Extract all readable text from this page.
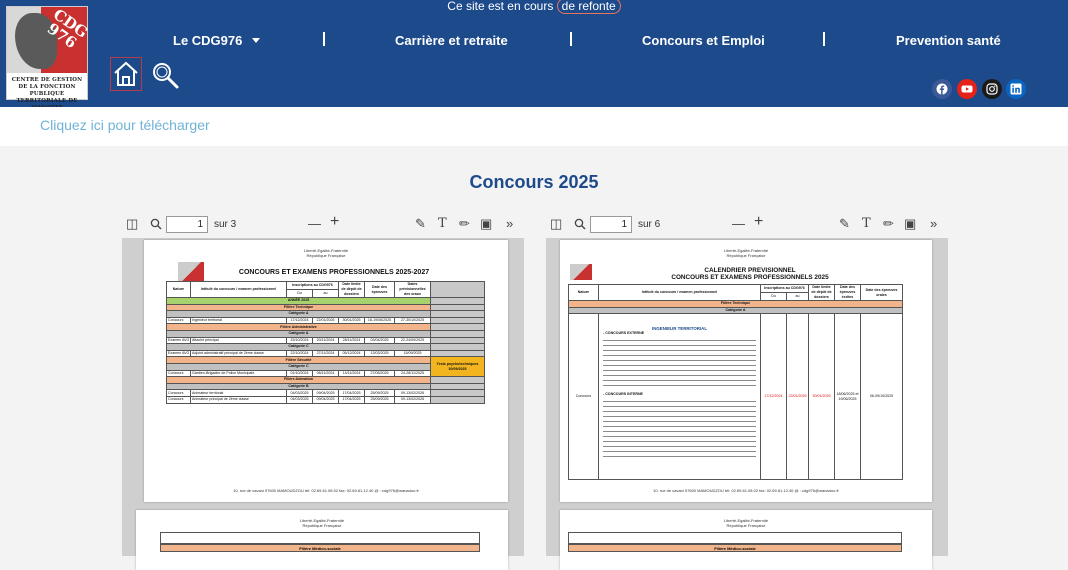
Ce site est en cours de refonte
CDG 976
CENTRE DE GESTION DE LA FONCTION PUBLIQUE TERRITORIALE DE
Le CDG976	Carrière et retraite	Concours et Emploi	Prevention santé
Cliquez ici pour télécharger
Concours 2025
◫	1	sur 3	— +	✎ T ✏ ▣ »
Liberté-Egalité-Fraternité
République Française
CONCOURS ET EXAMENS PROFESSIONNELS 2025-2027
Nature	Intitulé du concours / examen professionnel	Inscriptions au CDG976		Date limite de dépôt de dossiers	Date des épreuves	Dates prévisionnelles des oraux	
		Du	au				
ANNÉE 2025							
Filière Technique							
Catégorie A							
Concours	Ingénieur territorial	17/12/2024	22/01/2025	30/01/2025	18-19/06/2025	27-30/10/2025	
Filière Administrative							
Catégorie A							
Examen AVG	Attaché principal	15/10/2024	20/11/2024	28/11/2024	03/04/2025	22-24/09/2025	
Catégorie C							
Examen AVG	Adjoint administratif principal de 2ème classe	22/10/2024	27/11/2024	05/12/2024	13/03/2025	15/09/2025	
Filière Sécurité							Tests psychotechniques 30/09/2025
Catégorie C							
Concours	Gardien-Brigadier de Police Municipale	01/10/2024	06/11/2024	14/11/2024	27/05/2025	24-28/11/2025	
Filière Animation							
Catégorie B							
Concours	Animateur territorial	04/03/2025	09/04/2025	17/04/2025	25/09/2025	09-13/02/2026	
Concours	Animateur principal de 2ème classe	04/03/2025	09/04/2025	17/04/2025	25/09/2025	09-13/02/2026	
10, rue de cavani 97600 MAMOUDZOU tél: 02.69.61.08.02 fax: 02.69.61.12.40 @ : cdg976@wanadoo.fr
Liberté-Egalité-Fraternité
République Française
Filière Médico-sociale
◫	1	sur 6	— +	✎ T ✏ ▣ »
Liberté-Egalité-Fraternité
République Française
CALENDRIER PREVISIONNEL
CONCOURS ET EXAMENS PROFESSIONNELS 2025
Nature	Intitulé du concours / examen professionnel	Inscriptions au CDG976		Date limite de dépôt de dossiers	Date des épreuves écrites	Date des épreuves orales
		Du	au			
Filière Technique						
Catégorie A						
Concours	INGENIEUR TERRITORIAL
- CONCOURS EXTERNE
- CONCOURS INTERNE	17/12/2024	22/01/2025	30/01/2025	18/06/2025 et 19/06/2025	06-09/10/2025
10, rue de cavani 97600 MAMOUDZOU tél: 02.69.61.08.02 fax: 02.69.61.12.40 @ : cdg976@wanadoo.fr
Liberté-Egalité-Fraternité
République Française
Filière Médico-sociale
